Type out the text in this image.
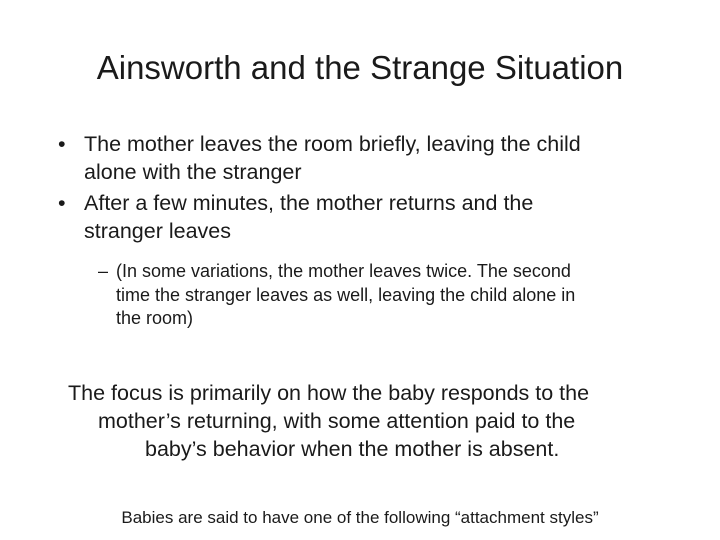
Ainsworth and the Strange Situation
• The mother leaves the room briefly, leaving the child
alone with the stranger
• After a few minutes, the mother returns and the
stranger leaves
– (In some variations, the mother leaves twice. The second
time the stranger leaves as well, leaving the child alone in
the room)
The focus is primarily on how the baby responds to the
mother’s returning, with some attention paid to the
baby’s behavior when the mother is absent.
Babies are said to have one of the following “attachment styles”
